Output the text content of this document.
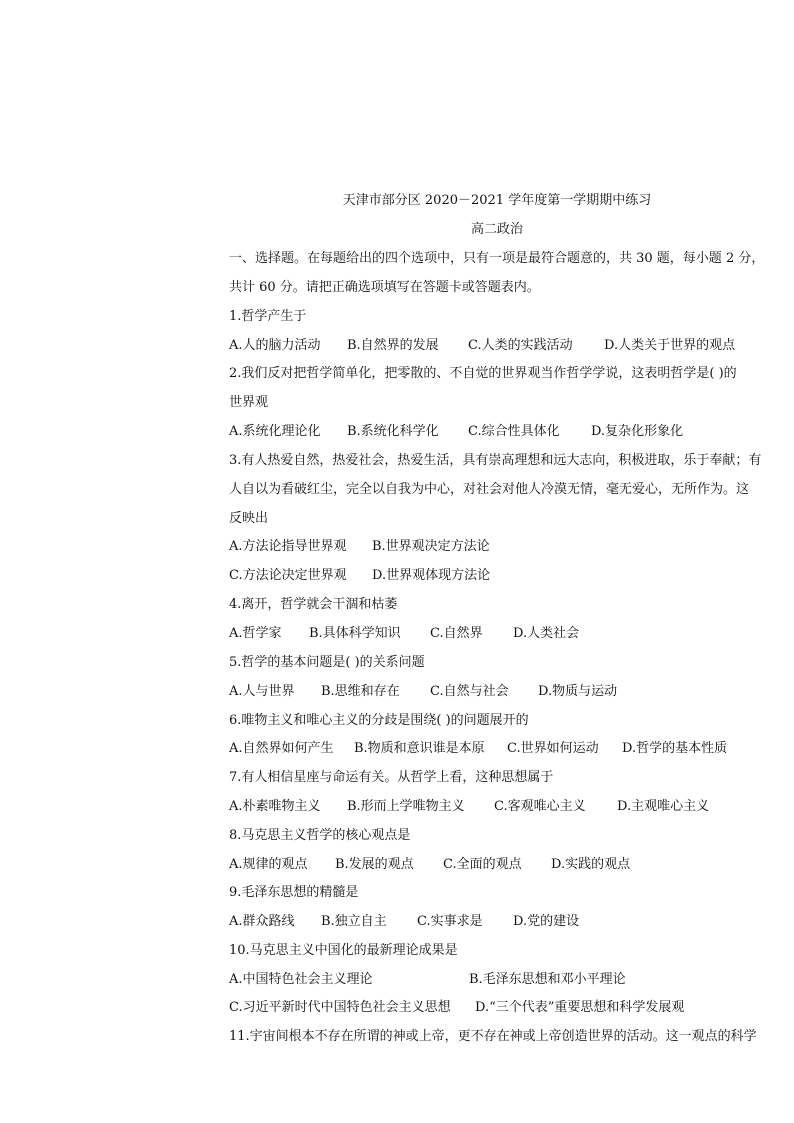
天津市部分区 2020－2021 学年度第一学期期中练习
高二政治
一、选择题。在每题给出的四个选项中，只有一项是最符合题意的，共 30 题，每小题 2 分，
共计 60 分。请把正确选项填写在答题卡或答题表内。
1.哲学产生于
A.人的脑力活动 B.自然界的发展 C.人类的实践活动 D.人类关于世界的观点
2.我们反对把哲学简单化，把零散的、不自觉的世界观当作哲学学说，这表明哲学是( )的
世界观
A.系统化理论化 B.系统化科学化 C.综合性具体化 D.复杂化形象化
3.有人热爱自然，热爱社会，热爱生活，具有崇高理想和远大志向，积极进取，乐于奉献；有
人自以为看破红尘，完全以自我为中心，对社会对他人冷漠无情，毫无爱心，无所作为。这
反映出
A.方法论指导世界观 B.世界观决定方法论
C.方法论决定世界观 D.世界观体现方法论
4.离开，哲学就会干涸和枯萎
A.哲学家 B.具体科学知识 C.自然界 D.人类社会
5.哲学的基本问题是( )的关系问题
A.人与世界 B.思维和存在 C.自然与社会 D.物质与运动
6.唯物主义和唯心主义的分歧是围绕( )的问题展开的
A.自然界如何产生 B.物质和意识谁是本原 C.世界如何运动 D.哲学的基本性质
7.有人相信星座与命运有关。从哲学上看，这种思想属于
A.朴素唯物主义 B.形而上学唯物主义 C.客观唯心主义 D.主观唯心主义
8.马克思主义哲学的核心观点是
A.规律的观点 B.发展的观点 C.全面的观点 D.实践的观点
9.毛泽东思想的精髓是
A.群众路线 B.独立自主 C.实事求是 D.党的建设
10.马克思主义中国化的最新理论成果是
A.中国特色社会主义理论	B.毛泽东思想和邓小平理论
C.习近平新时代中国特色社会主义思想 D.“三个代表”重要思想和科学发展观
11.宇宙间根本不存在所谓的神或上帝，更不存在神或上帝创造世界的活动。这一观点的科学
